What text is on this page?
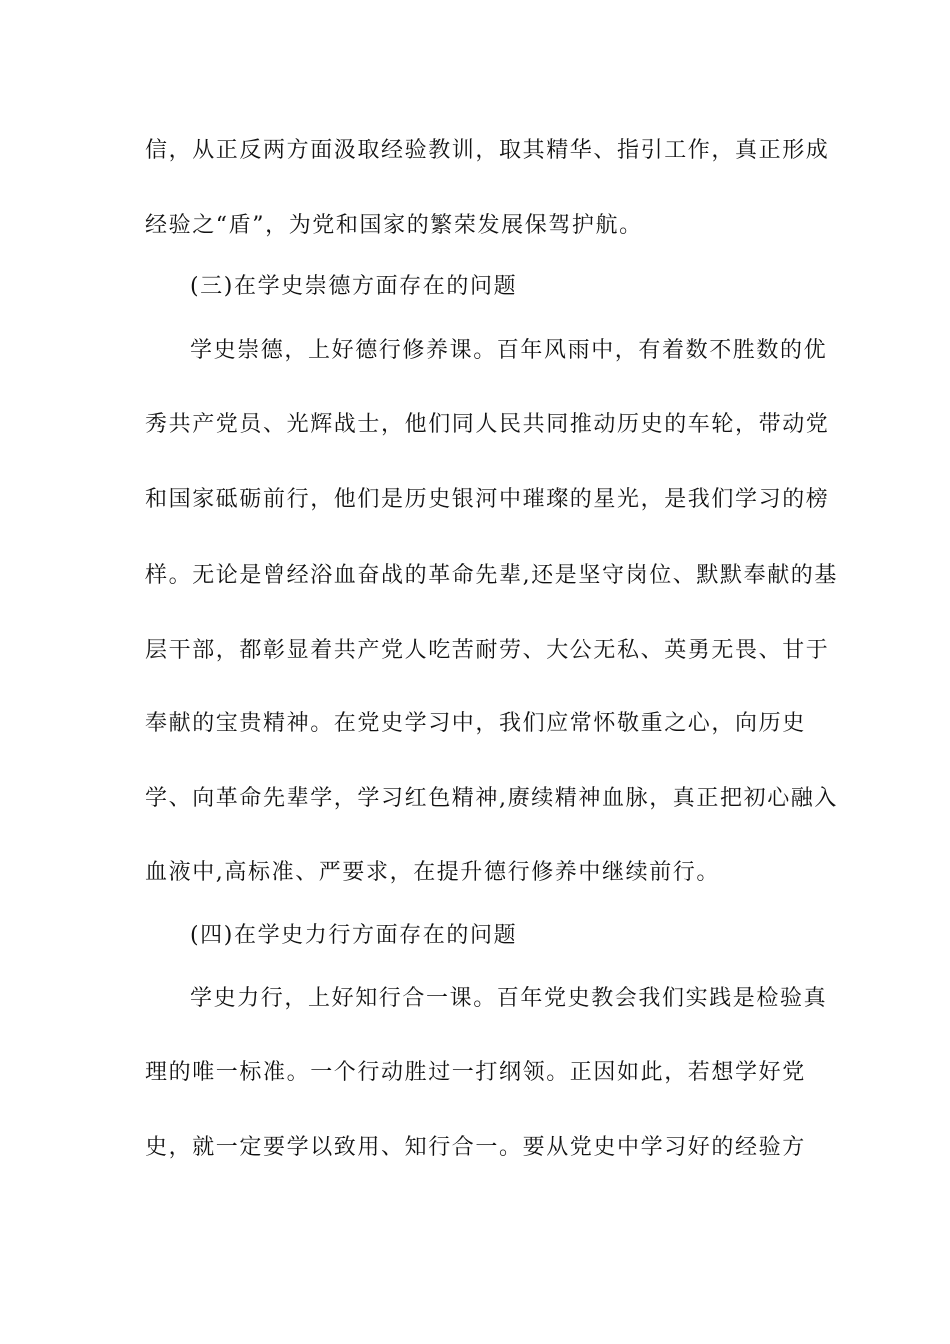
信，从正反两方面汲取经验教训，取其精华、指引工作，真正形成
经验之“盾”，为党和国家的繁荣发展保驾护航。
(三)在学史崇德方面存在的问题
学史崇德，上好德行修养课。百年风雨中，有着数不胜数的优
秀共产党员、光辉战士，他们同人民共同推动历史的车轮，带动党
和国家砥砺前行，他们是历史银河中璀璨的星光，是我们学习的榜
样。无论是曾经浴血奋战的革命先辈,还是坚守岗位、默默奉献的基
层干部，都彰显着共产党人吃苦耐劳、大公无私、英勇无畏、甘于
奉献的宝贵精神。在党史学习中，我们应常怀敬重之心，向历史
学、向革命先辈学，学习红色精神,赓续精神血脉，真正把初心融入
血液中,高标准、严要求，在提升德行修养中继续前行。
(四)在学史力行方面存在的问题
学史力行，上好知行合一课。百年党史教会我们实践是检验真
理的唯一标准。一个行动胜过一打纲领。正因如此，若想学好党
史，就一定要学以致用、知行合一。要从党史中学习好的经验方
